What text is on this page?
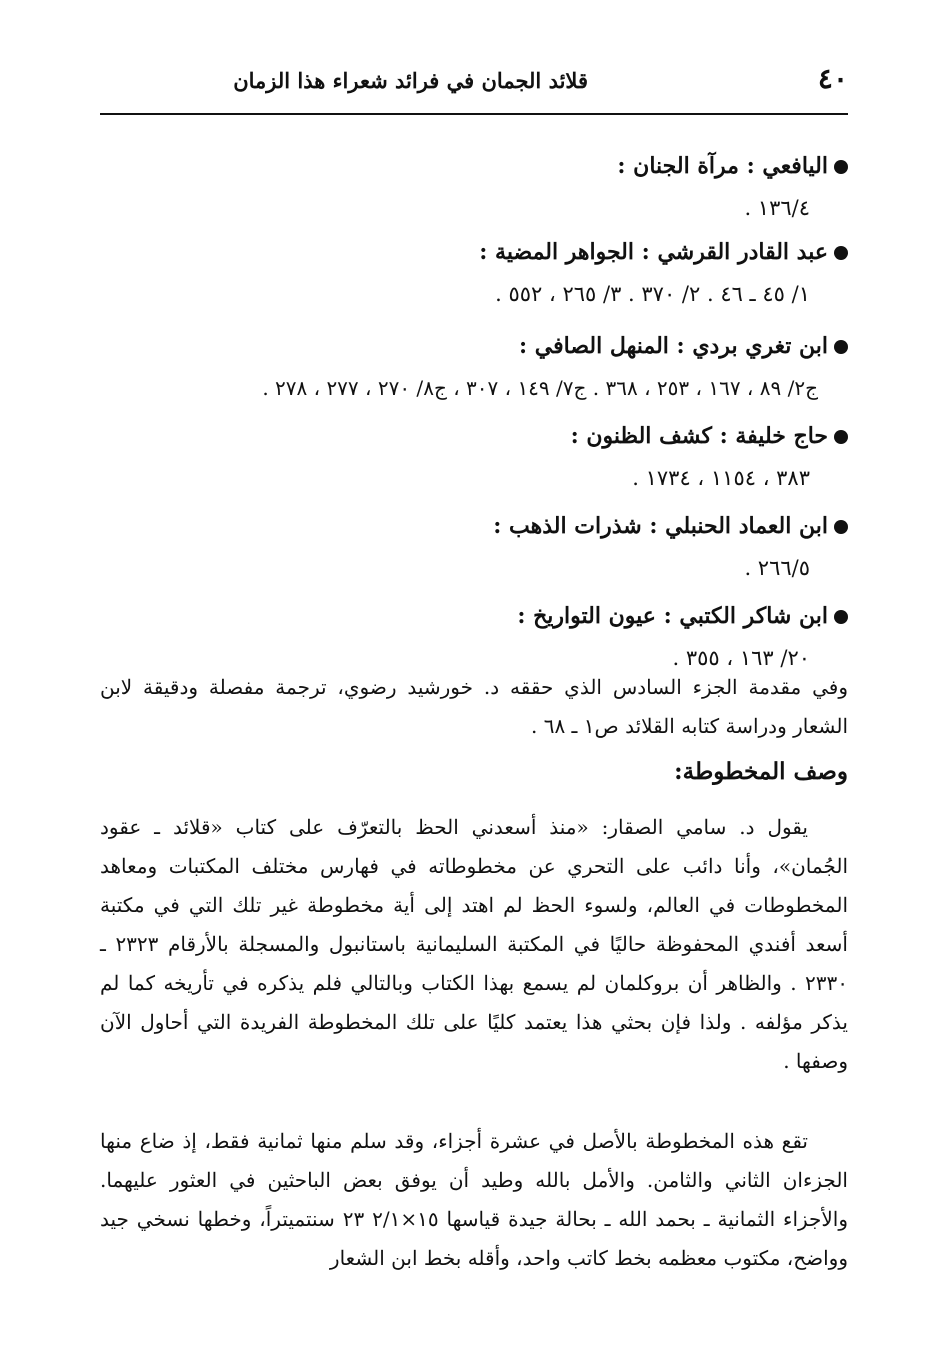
٤٠
قلائد الجمان في فرائد شعراء هذا الزمان
اليافعي : مرآة الجنان :
١٣٦/٤ .
عبد القادر القرشي : الجواهر المضية :
١/ ٤٥ ـ ٤٦ . ٢/ ٣٧٠ . ٣/ ٢٦٥ ، ٥٥٢ .
ابن تغري بردي : المنهل الصافي :
ج٢/ ٨٩ ، ١٦٧ ، ٢٥٣ ، ٣٦٨ . ج٧/ ١٤٩ ، ٣٠٧ ، ج٨/ ٢٧٠ ، ٢٧٧ ، ٢٧٨ .
حاج خليفة : كشف الظنون :
٣٨٣ ، ١١٥٤ ، ١٧٣٤ .
ابن العماد الحنبلي : شذرات الذهب :
٢٦٦/٥ .
ابن شاكر الكتبي : عيون التواريخ :
٢٠/ ١٦٣ ، ٣٥٥ .

وفي مقدمة الجزء السادس الذي حققه د. خورشيد رضوي، ترجمة مفصلة ودقيقة لابن الشعار ودراسة كتابه القلائد ص١ ـ ٦٨ .

وصف المخطوطة:

يقول د. سامي الصقار: «منذ أسعدني الحظ بالتعرّف على كتاب «قلائد ـ عقود الجُمان»، وأنا دائب على التحري عن مخطوطاته في فهارس مختلف المكتبات ومعاهد المخطوطات في العالم، ولسوء الحظ لم اهتد إلى أية مخطوطة غير تلك التي في مكتبة أسعد أفندي المحفوظة حاليًا في المكتبة السليمانية باستانبول والمسجلة بالأرقام ٢٣٢٣ ـ ٢٣٣٠ . والظاهر أن بروكلمان لم يسمع بهذا الكتاب وبالتالي فلم يذكره في تأريخه كما لم يذكر مؤلفه . ولذا فإن بحثي هذا يعتمد كليًا على تلك المخطوطة الفريدة التي أحاول الآن وصفها .

تقع هذه المخطوطة بالأصل في عشرة أجزاء، وقد سلم منها ثمانية فقط، إذ ضاع منها الجزءان الثاني والثامن. والأمل بالله وطيد أن يوفق بعض الباحثين في العثور عليهما. والأجزاء الثمانية ـ بحمد الله ـ بحالة جيدة قياسها ١٥×٢/١ ٢٣ سنتميتراً، وخطها نسخي جيد وواضح، مكتوب معظمه بخط كاتب واحد، وأقله بخط ابن الشعار
